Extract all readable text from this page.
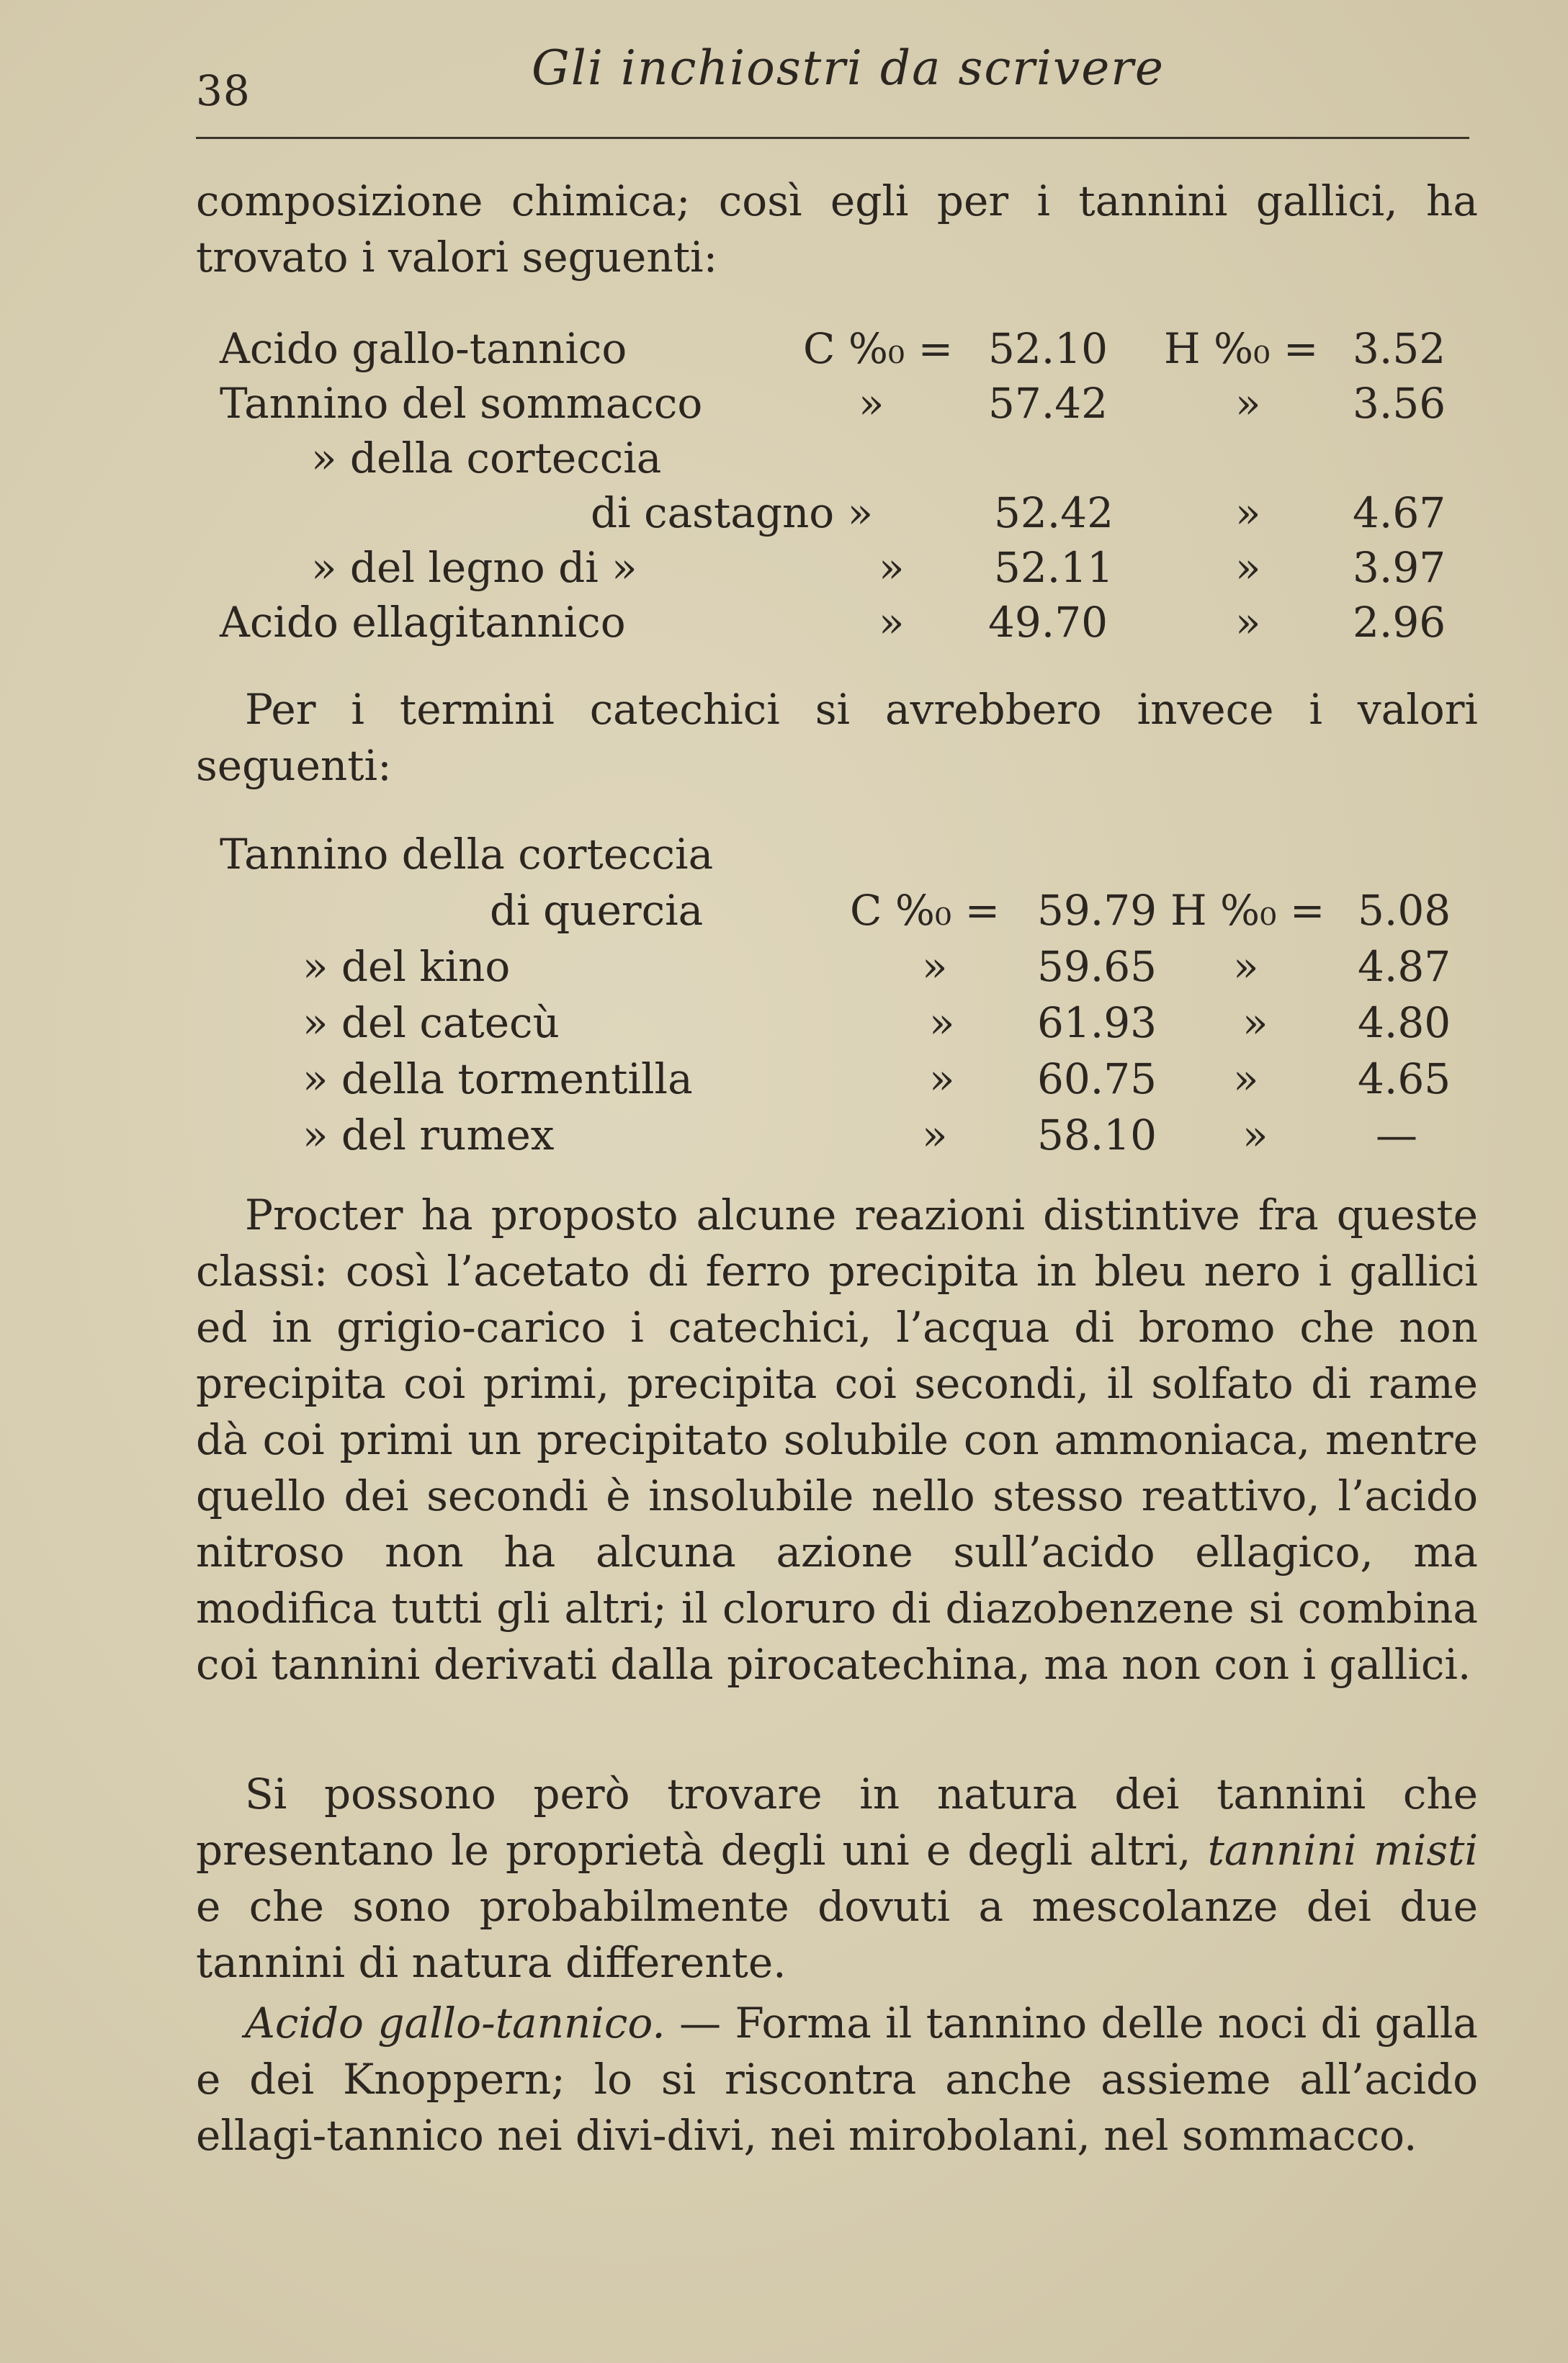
38	Gli inchiostri da scrivere

composizione chimica; così egli per i tannini gallici, ha trovato i valori seguenti:

Acido gallo-tannico	C %₀ = 52.10 H %₀ = 3.52
Tannino del sommacco	» 57.42	» 3.56
» della corteccia
di castagno »	52.42	» 4.67
» del legno di »	» 52.11	» 3.97
Acido ellagitannico	» 49.70	» 2.96

Per i termini catechici si avrebbero invece i valori seguenti:

Tannino della corteccia
di quercia	C %₀ = 59.79 H %₀ = 5.08
» del kino	» 59.65 » 4.87
» del catecù	» 61.93 » 4.80
» della tormentilla	» 60.75 » 4.65
» del rumex	» 58.10 »	—

Procter ha proposto alcune reazioni distintive fra queste classi: così l’acetato di ferro precipita in bleu nero i gallici ed in grigio-carico i catechici, l’acqua di bromo che non precipita coi primi, precipita coi secondi, il solfato di rame dà coi primi un precipitato solubile con ammoniaca, mentre quello dei secondi è insolubile nello stesso reattivo, l’acido nitroso non ha alcuna azione sull’acido ellagico, ma modifica tutti gli altri; il cloruro di diazobenzene si combina coi tannini derivati dalla pirocatechina, ma non con i gallici.

Si possono però trovare in natura dei tannini che presentano le proprietà degli uni e degli altri, tannini misti e che sono probabilmente dovuti a mescolanze dei due tannini di natura differente.

Acido gallo-tannico. — Forma il tannino delle noci di galla e dei Knoppern; lo si riscontra anche assieme all’acido ellagi-tannico nei divi-divi, nei mirobolani, nel sommacco.
